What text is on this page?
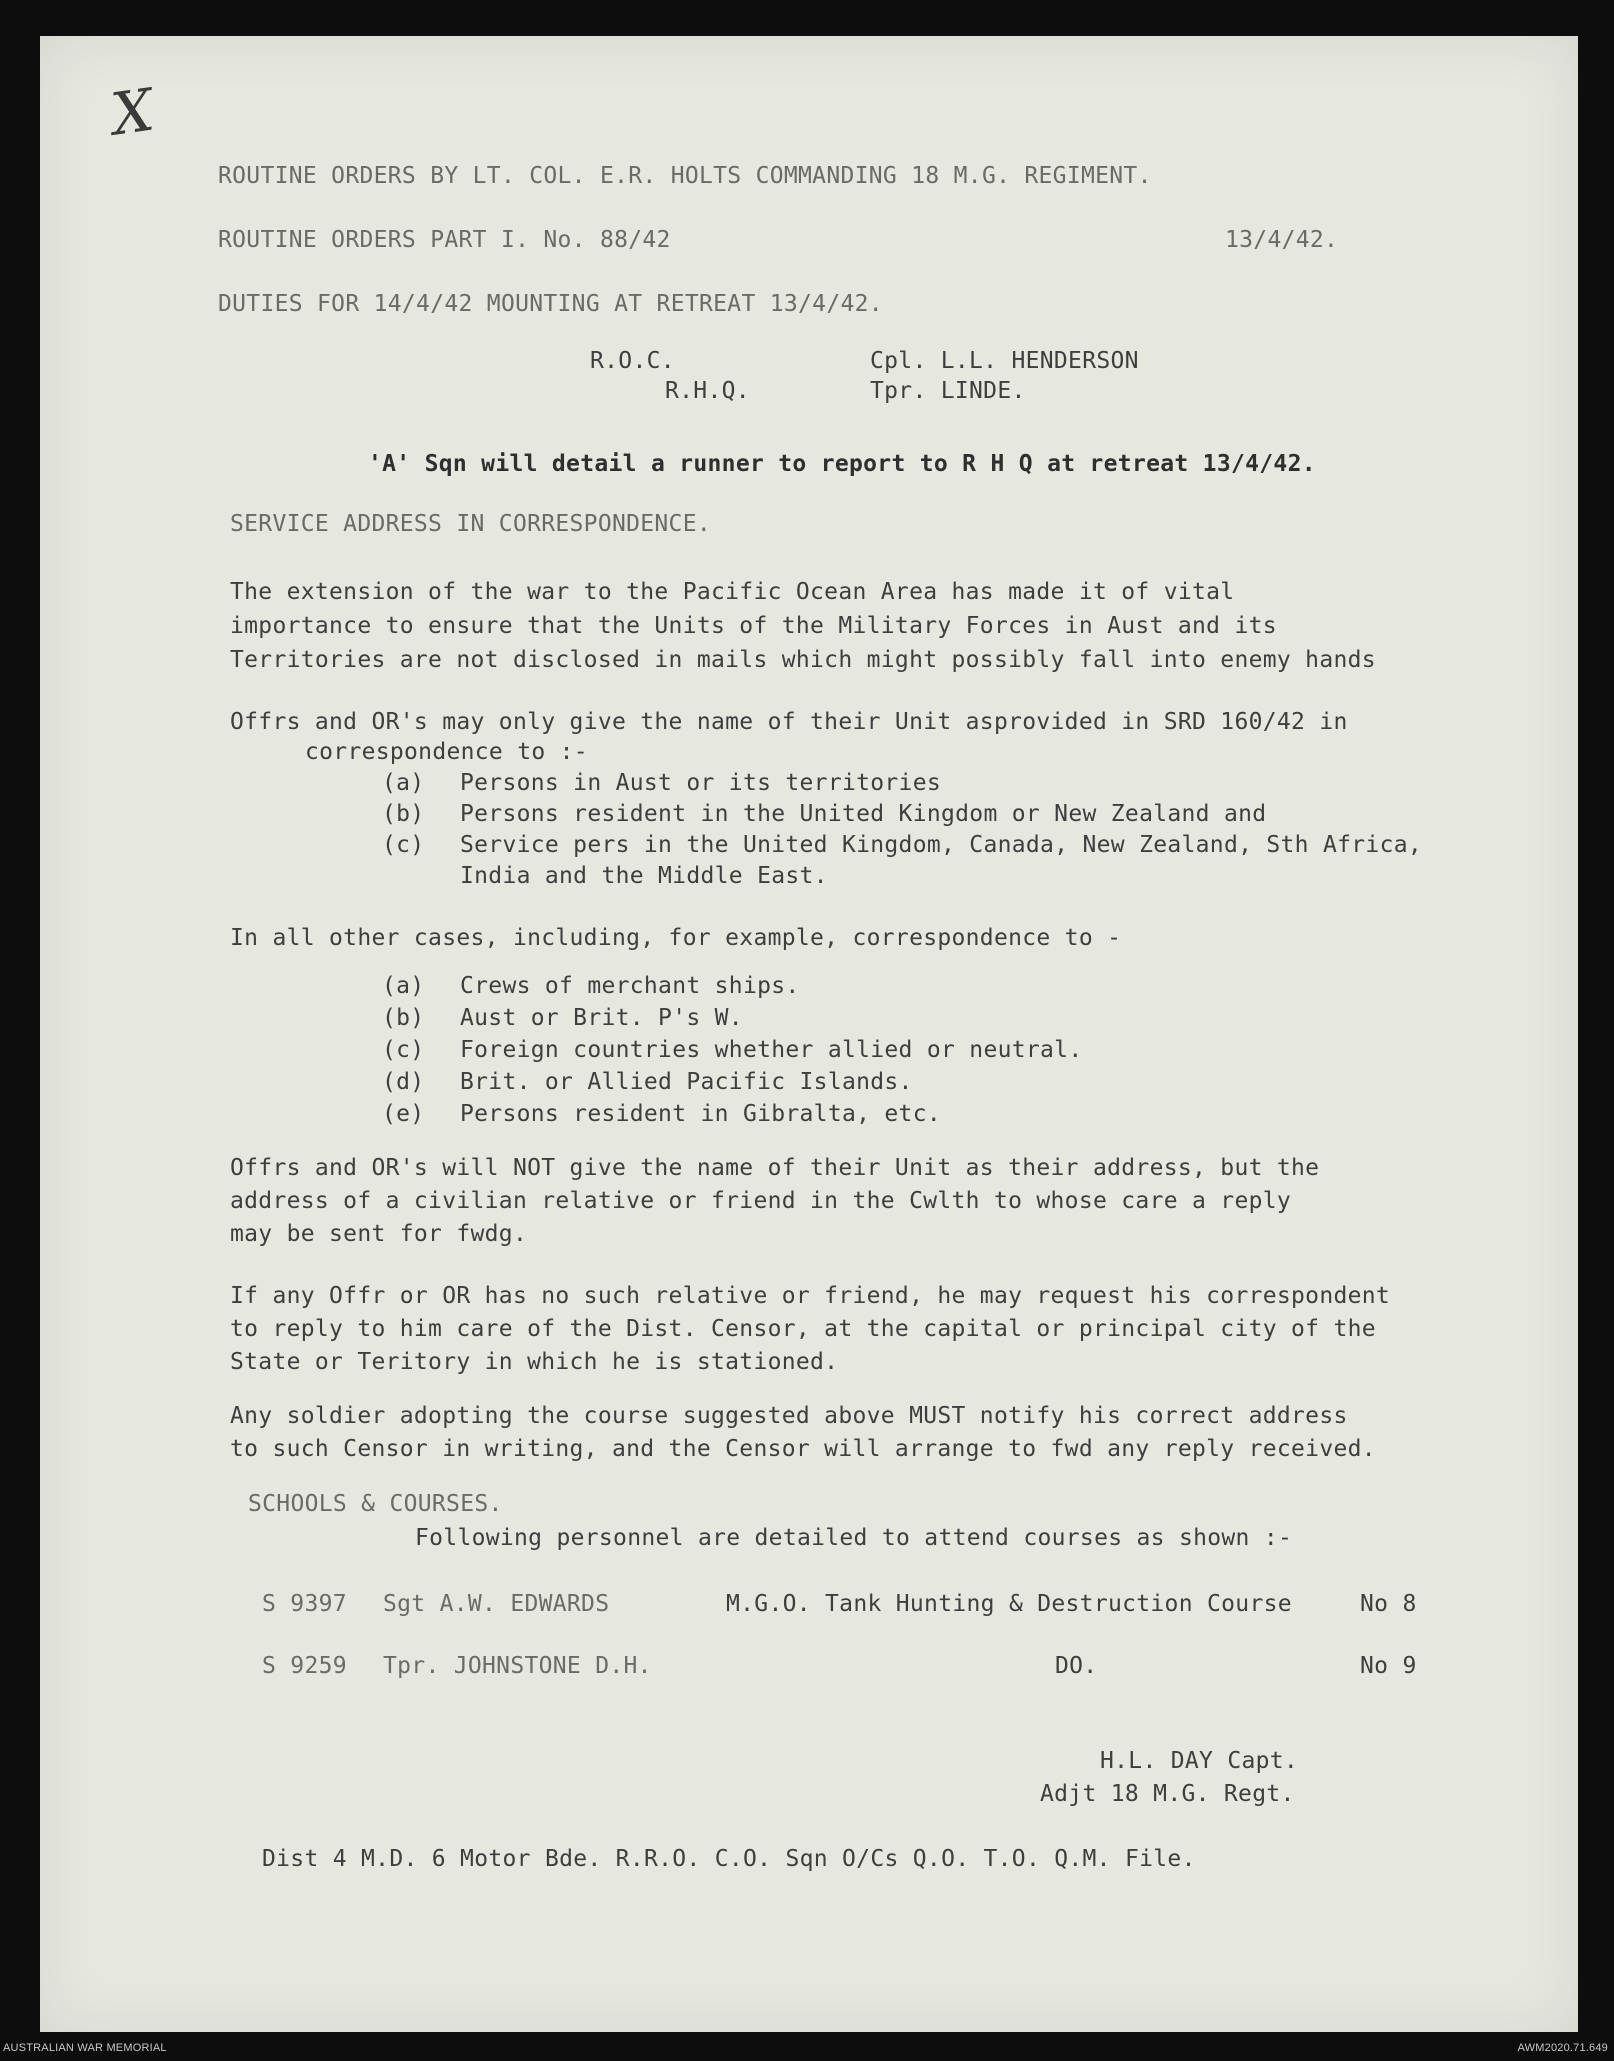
X
ROUTINE ORDERS BY LT. COL. E.R. HOLTS COMMANDING 18 M.G. REGIMENT.
ROUTINE ORDERS PART I. No. 88/42	13/4/42.
DUTIES FOR 14/4/42 MOUNTING AT RETREAT 13/4/42.
R.O.C.	Cpl. L.L. HENDERSON
R.H.Q.	Tpr. LINDE.
'A' Sqn will detail a runner to report to R H Q at retreat 13/4/42.
SERVICE ADDRESS IN CORRESPONDENCE.
The extension of the war to the Pacific Ocean Area has made it of vital
importance to ensure that the Units of the Military Forces in Aust and its
Territories are not disclosed in mails which might possibly fall into enemy hands
Offrs and OR's may only give the name of their Unit asprovided in SRD 160/42 in
correspondence to :-
(a) Persons in Aust or its territories
(b) Persons resident in the United Kingdom or New Zealand and
(c) Service pers in the United Kingdom, Canada, New Zealand, Sth Africa,
India and the Middle East.
In all other cases, including, for example, correspondence to -
(a) Crews of merchant ships.
(b) Aust or Brit. P's W.
(c) Foreign countries whether allied or neutral.
(d) Brit. or Allied Pacific Islands.
(e) Persons resident in Gibralta, etc.
Offrs and OR's will NOT give the name of their Unit as their address, but the
address of a civilian relative or friend in the Cwlth to whose care a reply
may be sent for fwdg.
If any Offr or OR has no such relative or friend, he may request his correspondent
to reply to him care of the Dist. Censor, at the capital or principal city of the
State or Teritory in which he is stationed.
Any soldier adopting the course suggested above MUST notify his correct address
to such Censor in writing, and the Censor will arrange to fwd any reply received.
SCHOOLS & COURSES.
Following personnel are detailed to attend courses as shown :-
S 9397 Sgt A.W. EDWARDS	M.G.O. Tank Hunting & Destruction Course	No 8
S 9259 Tpr. JOHNSTONE D.H.	DO.	No 9
H.L. DAY Capt.
Adjt 18 M.G. Regt.
Dist 4 M.D. 6 Motor Bde. R.R.O. C.O. Sqn O/Cs Q.O. T.O. Q.M. File.
AUSTRALIAN WAR MEMORIAL	AWM2020.71.649
